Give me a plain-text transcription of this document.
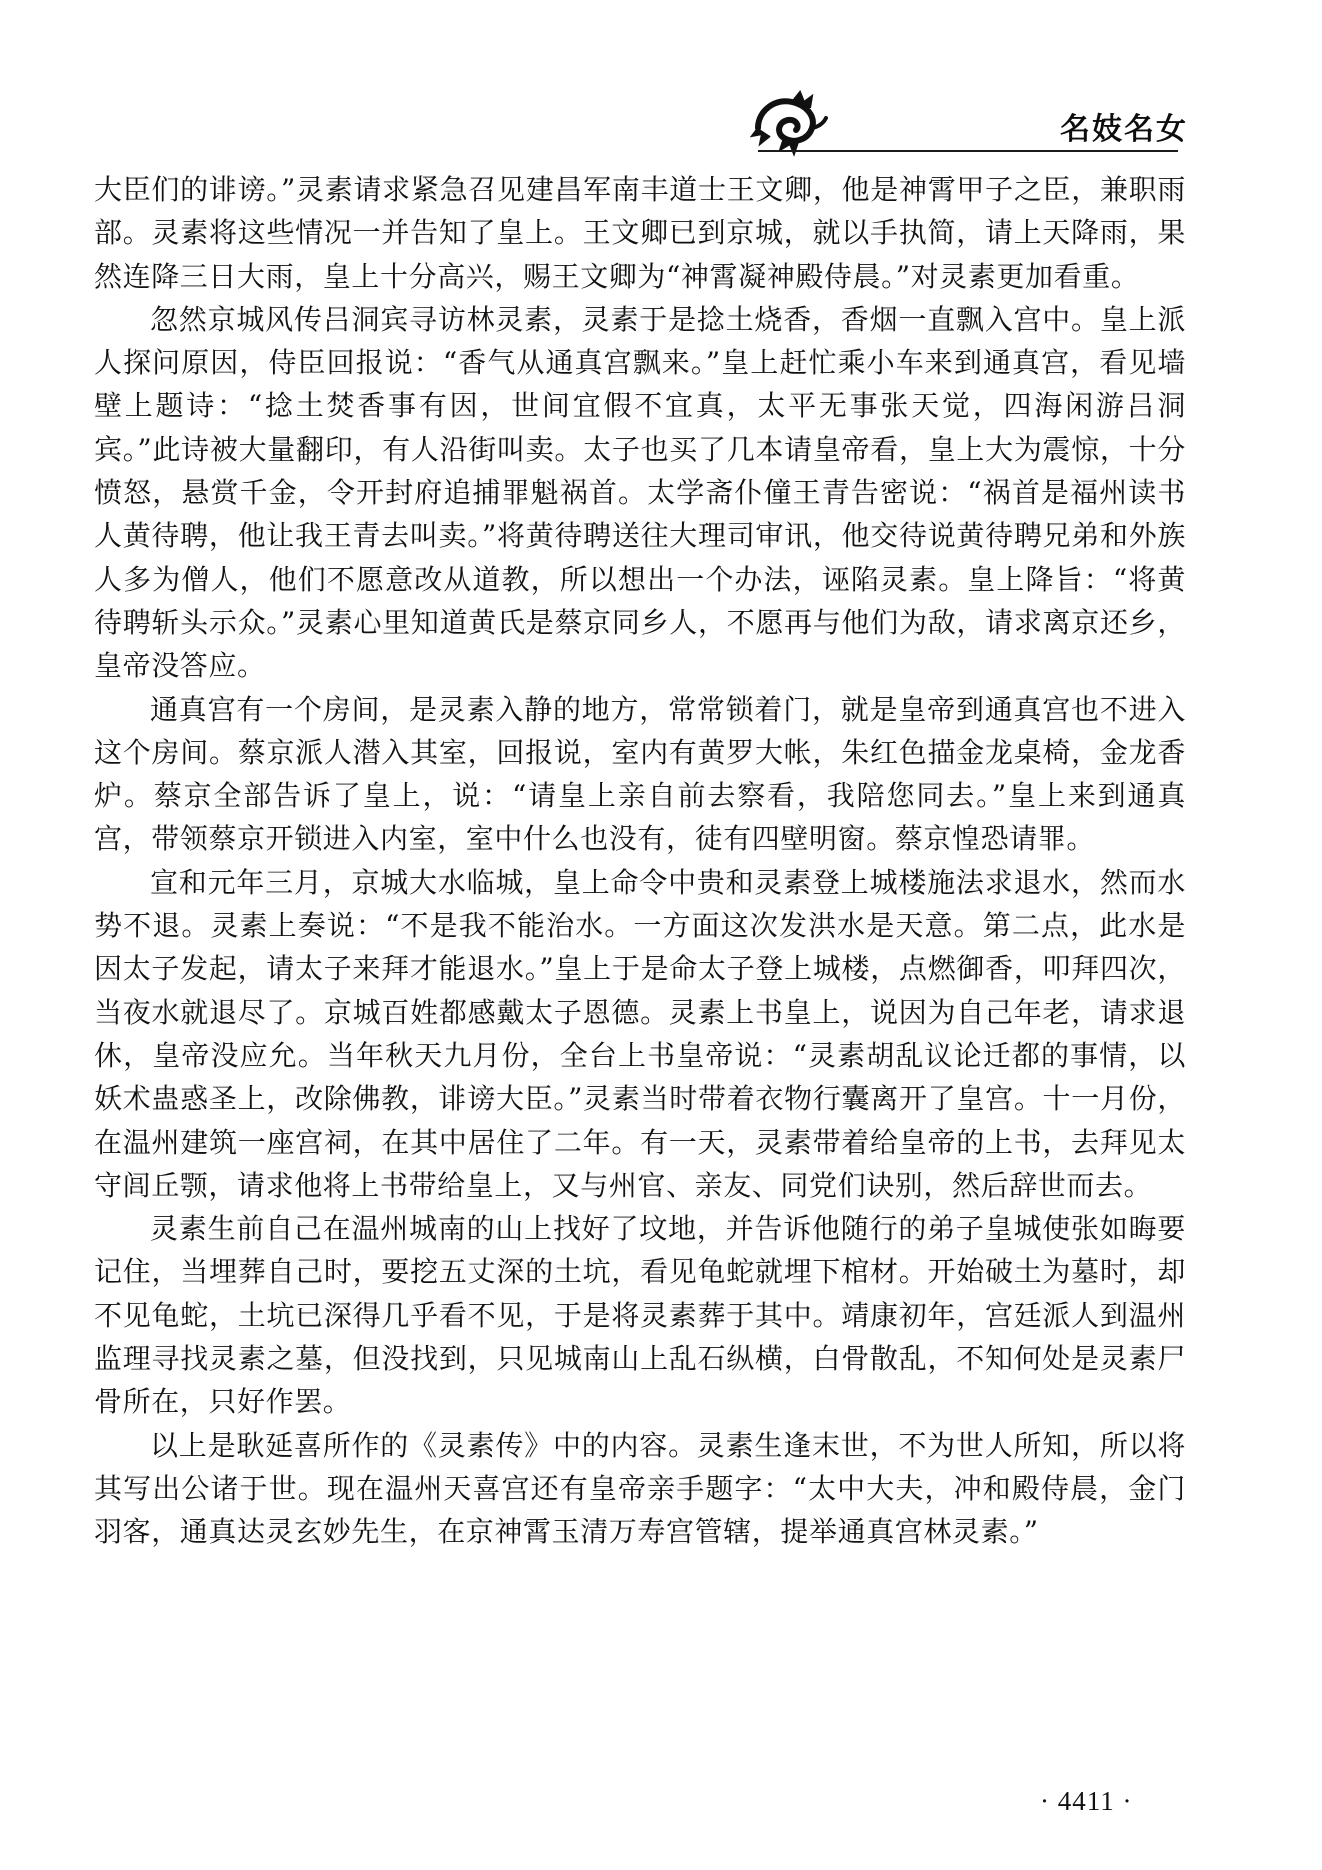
名妓名女

大臣们的诽谤。”灵素请求紧急召见建昌军南丰道士王文卿，他是神霄甲子之臣，兼职雨部。灵素将这些情况一并告知了皇上。王文卿已到京城，就以手执简，请上天降雨，果然连降三日大雨，皇上十分高兴，赐王文卿为“神霄凝神殿侍晨。”对灵素更加看重。

忽然京城风传吕洞宾寻访林灵素，灵素于是捻土烧香，香烟一直飘入宫中。皇上派人探问原因，侍臣回报说：“香气从通真宫飘来。”皇上赶忙乘小车来到通真宫，看见墙壁上题诗：“捻土焚香事有因，世间宜假不宜真，太平无事张天觉，四海闲游吕洞宾。”此诗被大量翻印，有人沿街叫卖。太子也买了几本请皇帝看，皇上大为震惊，十分愤怒，悬赏千金，令开封府追捕罪魁祸首。太学斋仆僮王青告密说：“祸首是福州读书人黄待聘，他让我王青去叫卖。”将黄待聘送往大理司审讯，他交待说黄待聘兄弟和外族人多为僧人，他们不愿意改从道教，所以想出一个办法，诬陷灵素。皇上降旨：“将黄待聘斩头示众。”灵素心里知道黄氏是蔡京同乡人，不愿再与他们为敌，请求离京还乡，皇帝没答应。

通真宫有一个房间，是灵素入静的地方，常常锁着门，就是皇帝到通真宫也不进入这个房间。蔡京派人潜入其室，回报说，室内有黄罗大帐，朱红色描金龙桌椅，金龙香炉。蔡京全部告诉了皇上，说：“请皇上亲自前去察看，我陪您同去。”皇上来到通真宫，带领蔡京开锁进入内室，室中什么也没有，徒有四壁明窗。蔡京惶恐请罪。

宣和元年三月，京城大水临城，皇上命令中贵和灵素登上城楼施法求退水，然而水势不退。灵素上奏说：“不是我不能治水。一方面这次发洪水是天意。第二点，此水是因太子发起，请太子来拜才能退水。”皇上于是命太子登上城楼，点燃御香，叩拜四次，当夜水就退尽了。京城百姓都感戴太子恩德。灵素上书皇上，说因为自己年老，请求退休，皇帝没应允。当年秋天九月份，全台上书皇帝说：“灵素胡乱议论迁都的事情，以妖术蛊惑圣上，改除佛教，诽谤大臣。”灵素当时带着衣物行囊离开了皇宫。十一月份，在温州建筑一座宫祠，在其中居住了二年。有一天，灵素带着给皇帝的上书，去拜见太守闾丘颚，请求他将上书带给皇上，又与州官、亲友、同党们诀别，然后辞世而去。

灵素生前自己在温州城南的山上找好了坟地，并告诉他随行的弟子皇城使张如晦要记住，当埋葬自己时，要挖五丈深的土坑，看见龟蛇就埋下棺材。开始破土为墓时，却不见龟蛇，土坑已深得几乎看不见，于是将灵素葬于其中。靖康初年，宫廷派人到温州监理寻找灵素之墓，但没找到，只见城南山上乱石纵横，白骨散乱，不知何处是灵素尸骨所在，只好作罢。

以上是耿延喜所作的《灵素传》中的内容。灵素生逢末世，不为世人所知，所以将其写出公诸于世。现在温州天喜宫还有皇帝亲手题字：“太中大夫，冲和殿侍晨，金门羽客，通真达灵玄妙先生，在京神霄玉清万寿宫管辖，提举通真宫林灵素。”

· 4411 ·
